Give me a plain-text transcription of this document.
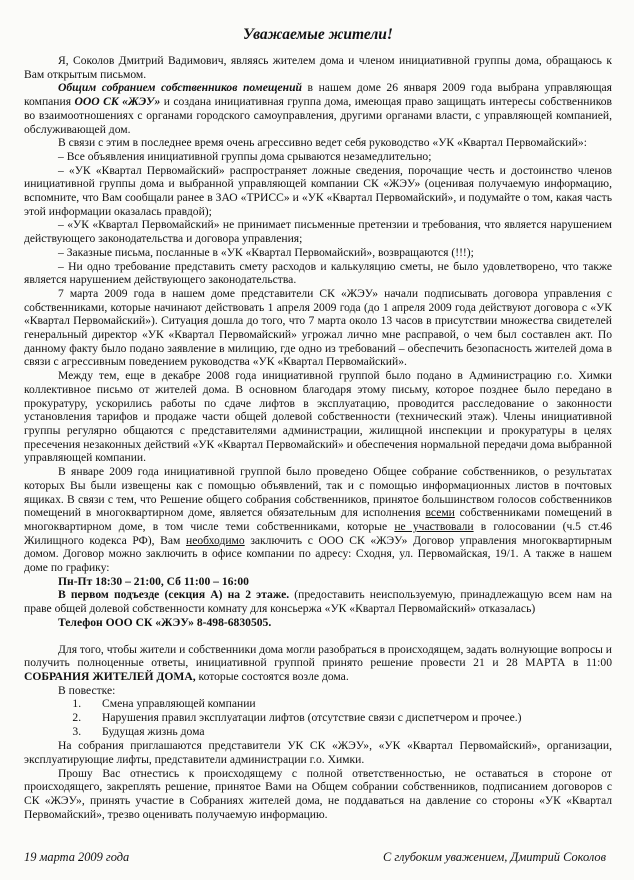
Уважаемые жители!

Я, Соколов Дмитрий Вадимович, являясь жителем дома и членом инициативной группы дома, обращаюсь к Вам открытым письмом.

Общим собранием собственников помещений в нашем доме 26 января 2009 года выбрана управляющая компания ООО СК «ЖЭУ» и создана инициативная группа дома, имеющая право защищать интересы собственников во взаимоотношениях с органами городского самоуправления, другими органами власти, с управляющей компанией, обслуживающей дом.

В связи с этим в последнее время очень агрессивно ведет себя руководство «УК «Квартал Первомайский»:

– Все объявления инициативной группы дома срываются незамедлительно;

– «УК «Квартал Первомайский» распространяет ложные сведения, порочащие честь и достоинство членов инициативной группы дома и выбранной управляющей компании СК «ЖЭУ» (оценивая получаемую информацию, вспомните, что Вам сообщали ранее в ЗАО «ТРИСС» и «УК «Квартал Первомайский», и подумайте о том, какая часть этой информации оказалась правдой);

– «УК «Квартал Первомайский» не принимает письменные претензии и требования, что является нарушением действующего законодательства и договора управления;

– Заказные письма, посланные в «УК «Квартал Первомайский», возвращаются (!!!);

– Ни одно требование представить смету расходов и калькуляцию сметы, не было удовлетворено, что также является нарушением действующего законодательства.

7 марта 2009 года в нашем доме представители СК «ЖЭУ» начали подписывать договора управления с собственниками, которые начинают действовать 1 апреля 2009 года (до 1 апреля 2009 года действуют договора с «УК «Квартал Первомайский»). Ситуация дошла до того, что 7 марта около 13 часов в присутствии множества свидетелей генеральный директор «УК «Квартал Первомайский» угрожал лично мне расправой, о чем был составлен акт. По данному факту было подано заявление в милицию, где одно из требований – обеспечить безопасность жителей дома в связи с агрессивным поведением руководства «УК «Квартал Первомайский».

Между тем, еще в декабре 2008 года инициативной группой было подано в Администрацию г.о. Химки коллективное письмо от жителей дома. В основном благодаря этому письму, которое позднее было передано в прокуратуру, ускорились работы по сдаче лифтов в эксплуатацию, проводится расследование о законности установления тарифов и продаже части общей долевой собственности (технический этаж). Члены инициативной группы регулярно общаются с представителями администрации, жилищной инспекции и прокуратуры в целях пресечения незаконных действий «УК «Квартал Первомайский» и обеспечения нормальной передачи дома выбранной управляющей компании.

В январе 2009 года инициативной группой было проведено Общее собрание собственников, о результатах которых Вы были извещены как с помощью объявлений, так и с помощью информационных листов в почтовых ящиках. В связи с тем, что Решение общего собрания собственников, принятое большинством голосов собственников помещений в многоквартирном доме, является обязательным для исполнения всеми собственниками помещений в многоквартирном доме, в том числе теми собственниками, которые не участвовали в голосовании (ч.5 ст.46 Жилищного кодекса РФ), Вам необходимо заключить с ООО СК «ЖЭУ» Договор управления многоквартирным домом. Договор можно заключить в офисе компании по адресу: Сходня, ул. Первомайская, 19/1. А также в нашем доме по графику:

Пн-Пт 18:30 – 21:00, Сб 11:00 – 16:00

В первом подъезде (секция А) на 2 этаже. (предоставить неиспользуемую, принадлежащую всем нам на праве общей долевой собственности комнату для консьержа «УК «Квартал Первомайский» отказалась)

Телефон ООО СК «ЖЭУ» 8-498-6830505.

Для того, чтобы жители и собственники дома могли разобраться в происходящем, задать волнующие вопросы и получить полноценные ответы, инициативной группой принято решение провести 21 и 28 МАРТА в 11:00 СОБРАНИЯ ЖИТЕЛЕЙ ДОМА, которые состоятся возле дома.

В повестке:

1. Смена управляющей компании
2. Нарушения правил эксплуатации лифтов (отсутствие связи с диспетчером и прочее.)
3. Будущая жизнь дома

На собрания приглашаются представители УК СК «ЖЭУ», «УК «Квартал Первомайский», организации, эксплуатирующие лифты, представители администрации г.о. Химки.

Прошу Вас отнестись к происходящему с полной ответственностью, не оставаться в стороне от происходящего, закреплять решение, принятое Вами на Общем собрании собственников, подписанием договоров с СК «ЖЭУ», принять участие в Собраниях жителей дома, не поддаваться на давление со стороны «УК «Квартал Первомайский», трезво оценивать получаемую информацию.

19 марта 2009 года	С глубоким уважением, Дмитрий Соколов
